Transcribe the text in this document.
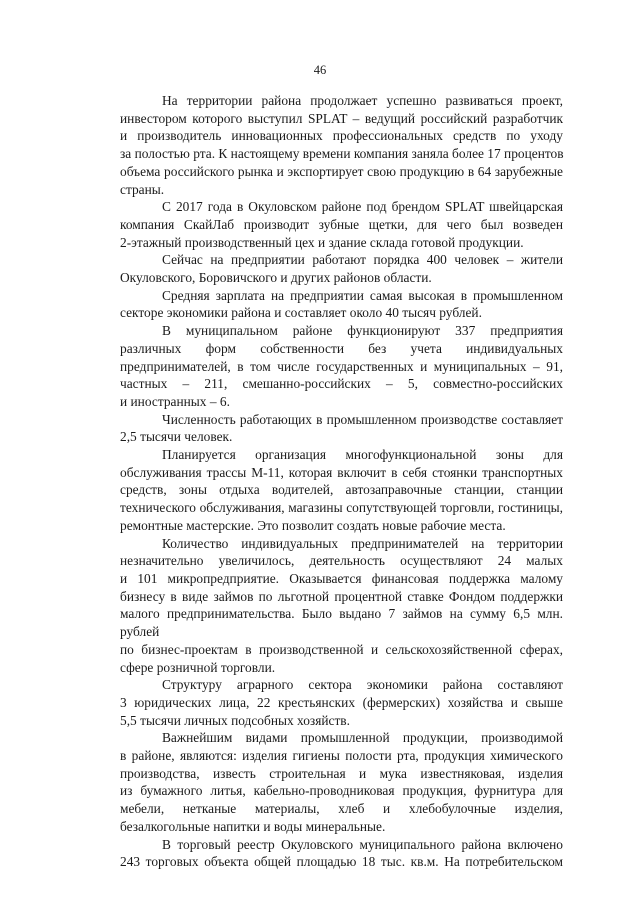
46
На территории района продолжает успешно развиваться проект,
инвестором которого выступил SPLAT – ведущий российский разработчик
и производитель инновационных профессиональных средств по уходу
за полостью рта. К настоящему времени компания заняла более 17 процентов
объема российского рынка и экспортирует свою продукцию в 64 зарубежные
страны.
С 2017 года в Окуловском районе под брендом SPLAT швейцарская
компания СкайЛаб производит зубные щетки, для чего был возведен
2-этажный производственный цех и здание склада готовой продукции.
Сейчас на предприятии работают порядка 400 человек – жители
Окуловского, Боровичского и других районов области.
Средняя зарплата на предприятии самая высокая в промышленном
секторе экономики района и составляет около 40 тысяч рублей.
В муниципальном районе функционируют 337 предприятия
различных форм собственности без учета индивидуальных
предпринимателей, в том числе государственных и муниципальных – 91,
частных – 211, смешанно-российских – 5, совместно-российских
и иностранных – 6.
Численность работающих в промышленном производстве составляет
2,5 тысячи человек.
Планируется организация многофункциональной зоны для
обслуживания трассы М-11, которая включит в себя стоянки транспортных
средств, зоны отдыха водителей, автозаправочные станции, станции
технического обслуживания, магазины сопутствующей торговли, гостиницы,
ремонтные мастерские. Это позволит создать новые рабочие места.
Количество индивидуальных предпринимателей на территории
незначительно увеличилось, деятельность осуществляют 24 малых
и 101 микропредприятие. Оказывается финансовая поддержка малому
бизнесу в виде займов по льготной процентной ставке Фондом поддержки
малого предпринимательства. Было выдано 7 займов на сумму 6,5 млн.
рублей
по бизнес-проектам в производственной и сельскохозяйственной сферах,
сфере розничной торговли.
Структуру аграрного сектора экономики района составляют
3 юридических лица, 22 крестьянских (фермерских) хозяйства и свыше
5,5 тысячи личных подсобных хозяйств.
Важнейшим видами промышленной продукции, производимой
в районе, являются: изделия гигиены полости рта, продукция химического
производства, известь строительная и мука известняковая, изделия
из бумажного литья, кабельно-проводниковая продукция, фурнитура для
мебели, нетканые материалы, хлеб и хлебобулочные изделия,
безалкогольные напитки и воды минеральные.
В торговый реестр Окуловского муниципального района включено
243 торговых объекта общей площадью 18 тыс. кв.м. На потребительском
